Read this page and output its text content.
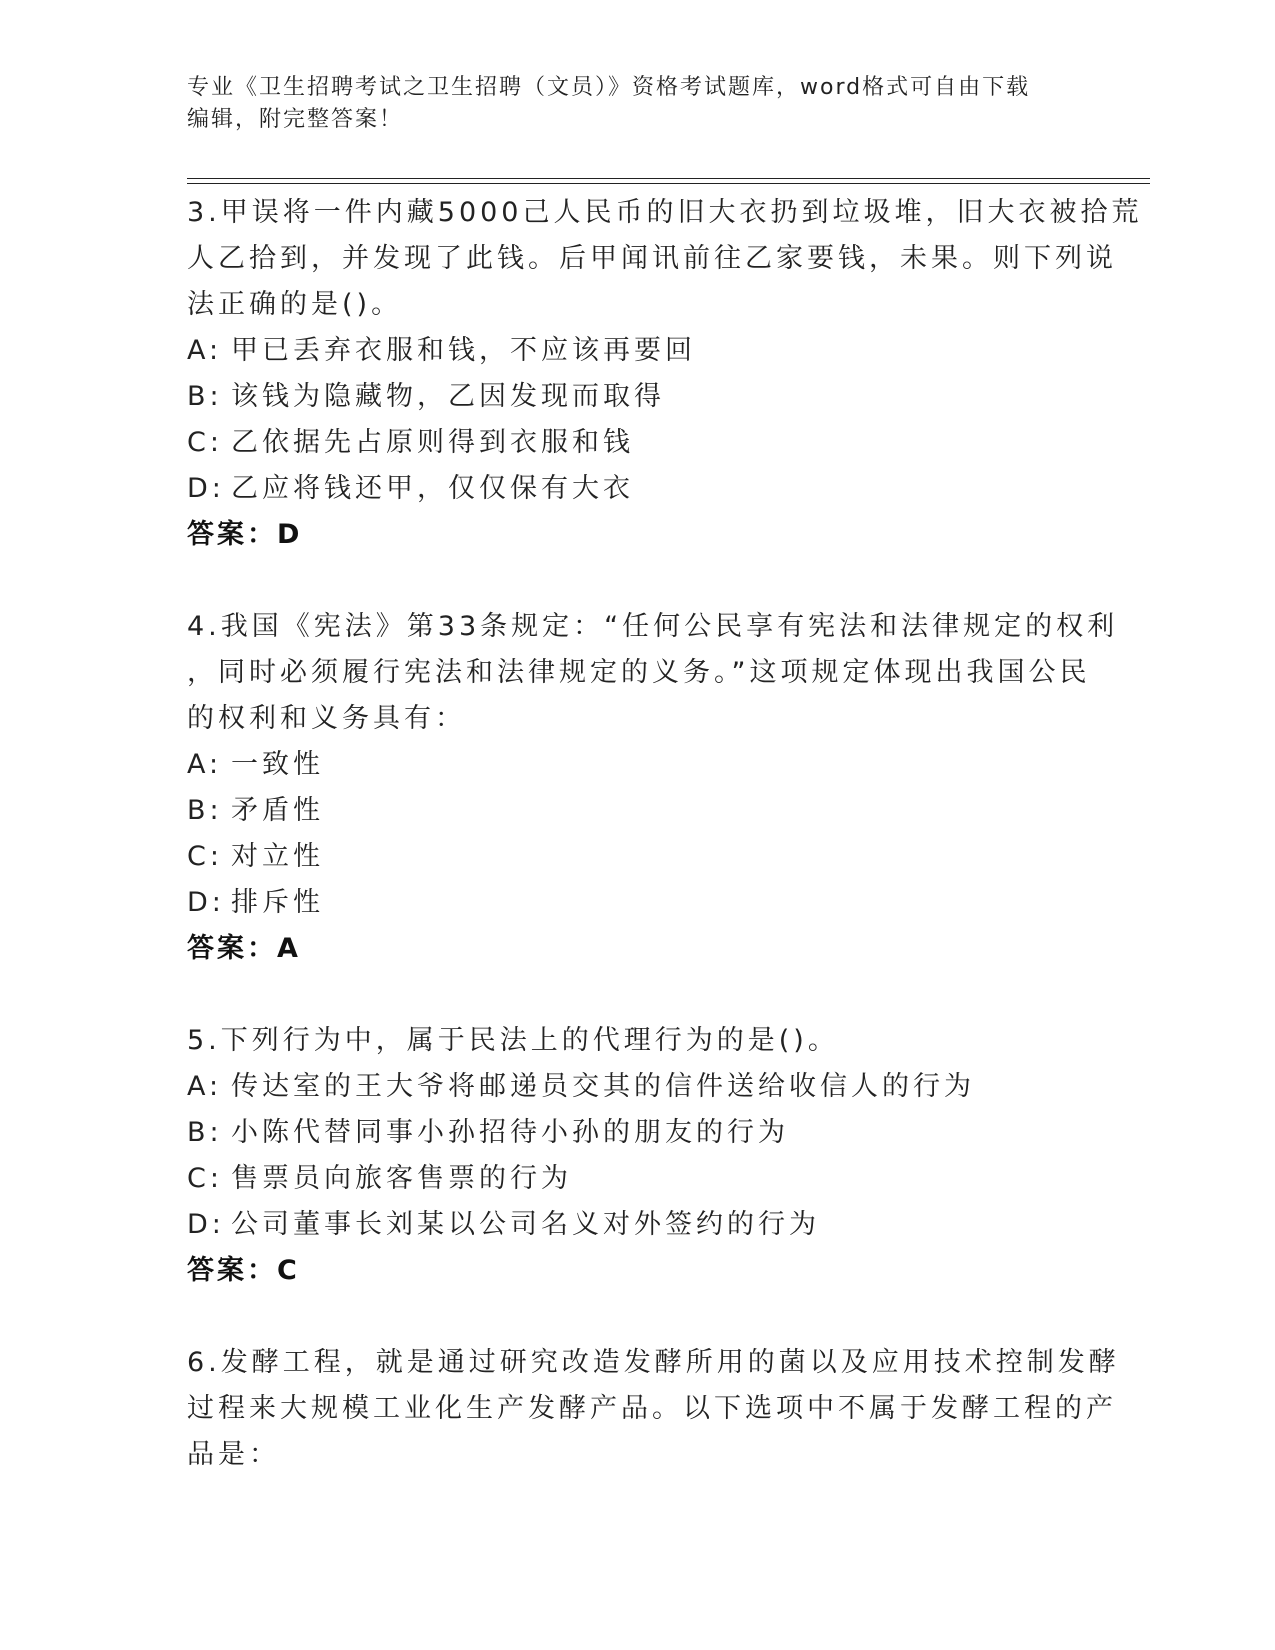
专业《卫生招聘考试之卫生招聘（文员）》资格考试题库，word格式可自由下载
编辑，附完整答案！
3.甲误将一件内藏5000己人民币的旧大衣扔到垃圾堆，旧大衣被拾荒
人乙拾到，并发现了此钱。后甲闻讯前往乙家要钱，未果。则下列说
法正确的是()。
A: 甲已丢弃衣服和钱，不应该再要回
B: 该钱为隐藏物，乙因发现而取得
C: 乙依据先占原则得到衣服和钱
D: 乙应将钱还甲，仅仅保有大衣
答案：D
4.我国《宪法》第33条规定：“任何公民享有宪法和法律规定的权利
，同时必须履行宪法和法律规定的义务。”这项规定体现出我国公民
的权利和义务具有：
A: 一致性
B: 矛盾性
C: 对立性
D: 排斥性
答案：A
5.下列行为中，属于民法上的代理行为的是()。
A: 传达室的王大爷将邮递员交其的信件送给收信人的行为
B: 小陈代替同事小孙招待小孙的朋友的行为
C: 售票员向旅客售票的行为
D: 公司董事长刘某以公司名义对外签约的行为
答案：C
6.发酵工程，就是通过研究改造发酵所用的菌以及应用技术控制发酵
过程来大规模工业化生产发酵产品。以下选项中不属于发酵工程的产
品是：
